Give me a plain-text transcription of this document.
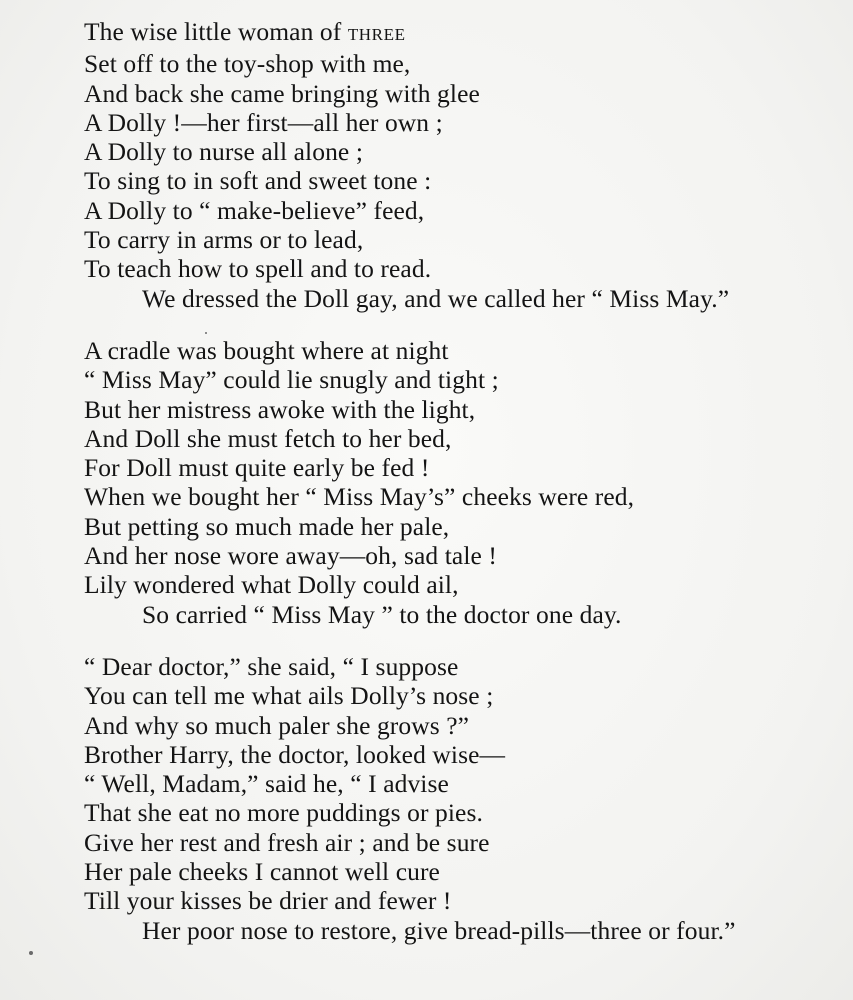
The wise little woman of THREE
Set off to the toy-shop with me,
And back she came bringing with glee
A Dolly !—her first—all her own ;
A Dolly to nurse all alone ;
To sing to in soft and sweet tone :
A Dolly to “ make-believe” feed,
To carry in arms or to lead,
To teach how to spell and to read.
We dressed the Doll gay, and we called her “ Miss May.”
A cradle was bought where at night
“ Miss May” could lie snugly and tight ;
But her mistress awoke with the light,
And Doll she must fetch to her bed,
For Doll must quite early be fed !
When we bought her “ Miss May’s” cheeks were red,
But petting so much made her pale,
And her nose wore away—oh, sad tale !
Lily wondered what Dolly could ail,
So carried “ Miss May ” to the doctor one day.
“ Dear doctor,” she said, “ I suppose
You can tell me what ails Dolly’s nose ;
And why so much paler she grows ?”
Brother Harry, the doctor, looked wise—
“ Well, Madam,” said he, “ I advise
That she eat no more puddings or pies.
Give her rest and fresh air ; and be sure
Her pale cheeks I cannot well cure
Till your kisses be drier and fewer !
Her poor nose to restore, give bread-pills—three or four.”
